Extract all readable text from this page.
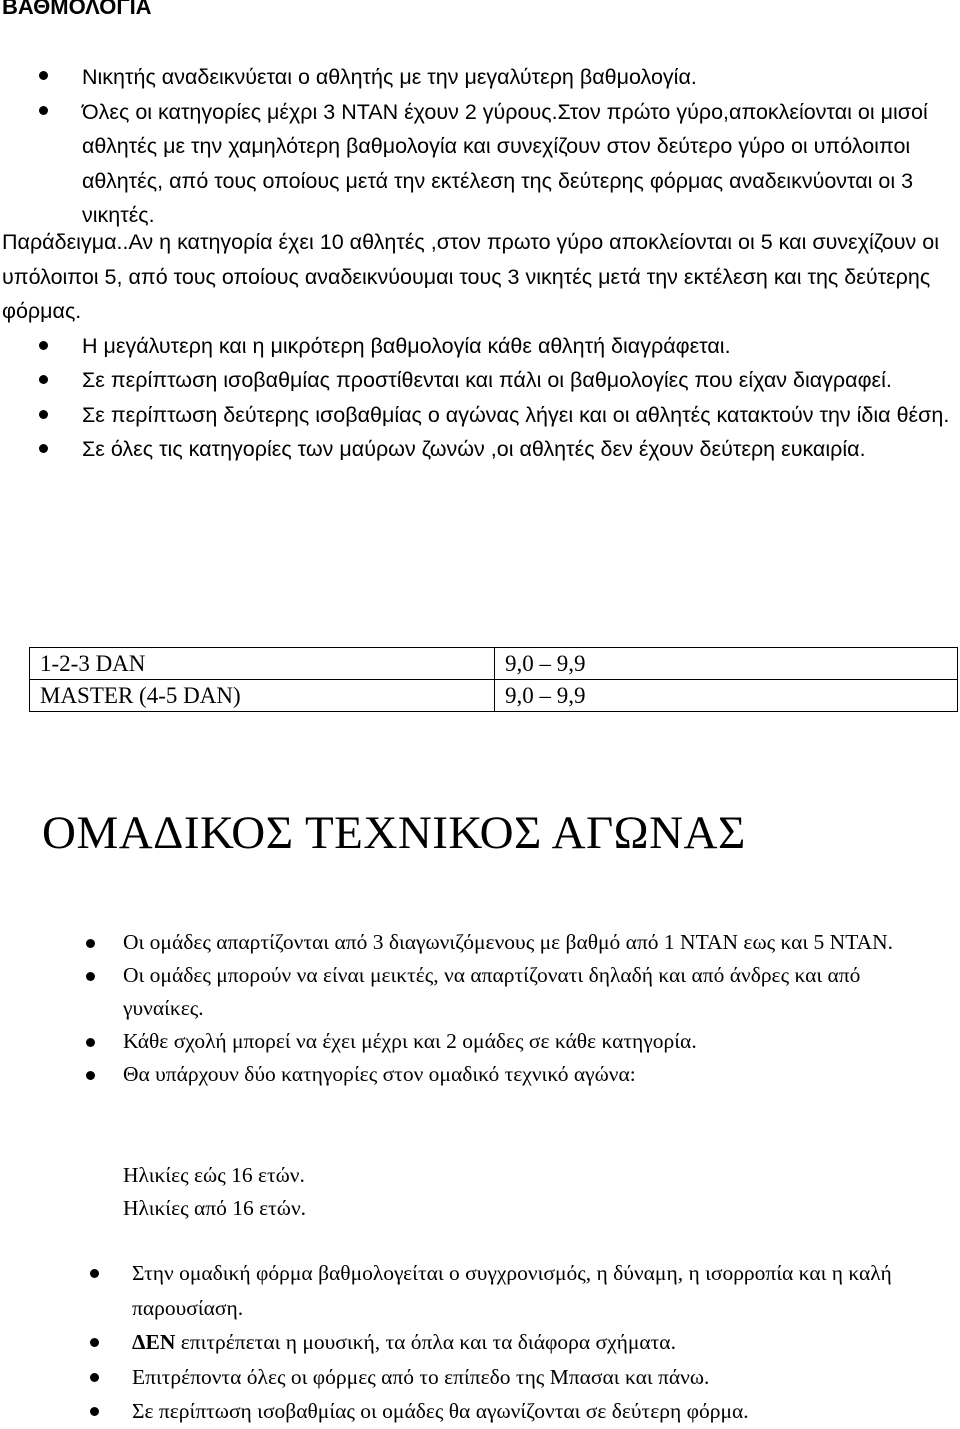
ΒΑΘΜΟΛΟΓΙΑ
Νικητής αναδεικνύεται ο αθλητής με την μεγαλύτερη βαθμολογία.
Όλες οι κατηγορίες μέχρι 3 ΝΤΑΝ έχουν 2 γύρους.Στον πρώτο γύρο,αποκλείονται οι μισοί αθλητές με την χαμηλότερη βαθμολογία και συνεχίζουν στον δεύτερο γύρο οι υπόλοιποι αθλητές, από τους οποίους μετά την εκτέλεση της δεύτερης φόρμας αναδεικνύονται οι 3 νικητές.

Παράδειγμα..Αν η κατηγορία έχει 10 αθλητές ,στον πρωτο γύρο αποκλείονται οι 5 και συνεχίζουν οι υπόλοιποι 5, από τους οποίους αναδεικνύουμαι τους 3 νικητές μετά την εκτέλεση και της δεύτερης φόρμας.

Η μεγάλυτερη και η μικρότερη βαθμολογία κάθε αθλητή διαγράφεται.
Σε περίπτωση ισοβαθμίας προστίθενται και πάλι οι βαθμολογίες που είχαν διαγραφεί.
Σε περίπτωση δεύτερης ισοβαθμίας ο αγώνας λήγει και οι αθλητές κατακτούν την ίδια θέση.
Σε όλες τις κατηγορίες των μαύρων ζωνών ,οι αθλητές δεν έχουν δεύτερη ευκαιρία.
1-2-3 DAN	9,0 – 9,9
MASTER (4-5 DAN)	9,0 – 9,9
ΟΜΑΔΙΚΟΣ ΤΕΧΝΙΚΟΣ ΑΓΩΝΑΣ
Οι ομάδες απαρτίζονται από 3 διαγωνιζόμενους με βαθμό από 1 ΝΤΑΝ εως και 5 ΝΤΑΝ.
Οι ομάδες μπορούν να είναι μεικτές, να απαρτίζονατι δηλαδή και από άνδρες και από γυναίκες.
Κάθε σχολή μπορεί να έχει μέχρι και 2 ομάδες σε κάθε κατηγορία.
Θα υπάρχουν δύο κατηγορίες στον ομαδικό τεχνικό αγώνα:
Ηλικίες εώς 16 ετών.
Ηλικίες από 16 ετών.
Στην ομαδική φόρμα βαθμολογείται ο συγχρονισμός, η δύναμη, η ισορροπία και η καλή παρουσίαση.
ΔΕΝ επιτρέπεται η μουσική, τα όπλα και τα διάφορα σχήματα.
Επιτρέποντα όλες οι φόρμες από το επίπεδο της Μπασαι και πάνω.
Σε περίπτωση ισοβαθμίας οι ομάδες θα αγωνίζονται σε δεύτερη φόρμα.
